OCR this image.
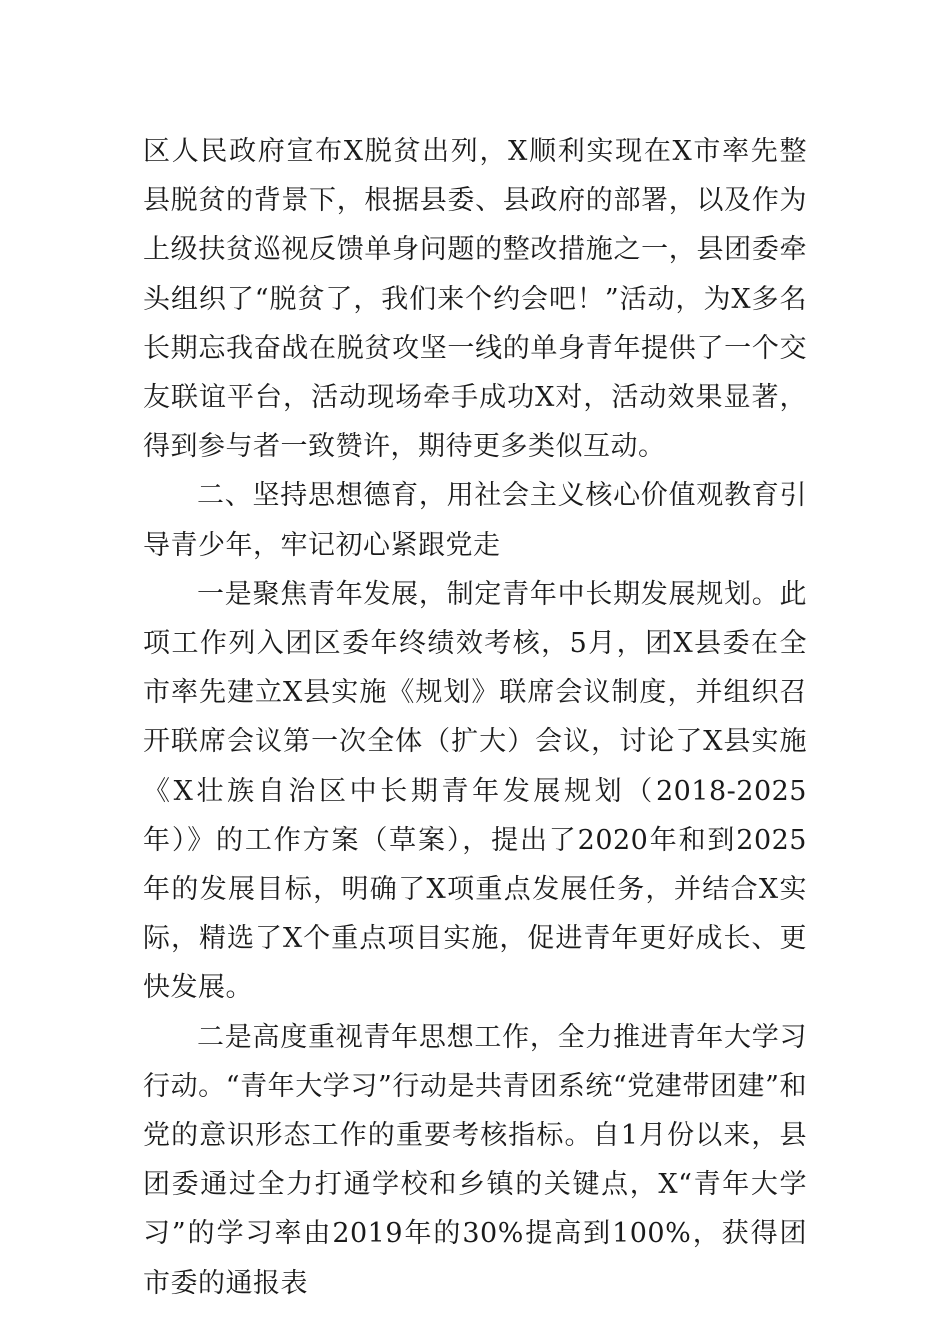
区人民政府宣布X脱贫出列，X顺利实现在X市率先整县脱贫的背景下，根据县委、县政府的部署，以及作为上级扶贫巡视反馈单身问题的整改措施之一，县团委牵头组织了“脱贫了，我们来个约会吧！”活动，为X多名长期忘我奋战在脱贫攻坚一线的单身青年提供了一个交友联谊平台，活动现场牵手成功X对，活动效果显著，得到参与者一致赞许，期待更多类似互动。

二、坚持思想德育，用社会主义核心价值观教育引导青少年，牢记初心紧跟党走

一是聚焦青年发展，制定青年中长期发展规划。此项工作列入团区委年终绩效考核，5月，团X县委在全市率先建立X县实施《规划》联席会议制度，并组织召开联席会议第一次全体（扩大）会议，讨论了X县实施《X壮族自治区中长期青年发展规划（2018-2025年）》的工作方案（草案），提出了2020年和到2025年的发展目标，明确了X项重点发展任务，并结合X实际，精选了X个重点项目实施，促进青年更好成长、更快发展。

二是高度重视青年思想工作，全力推进青年大学习行动。“青年大学习”行动是共青团系统“党建带团建”和党的意识形态工作的重要考核指标。自1月份以来，县团委通过全力打通学校和乡镇的关键点，X“青年大学习”的学习率由2019年的30%提高到100%，获得团市委的通报表
